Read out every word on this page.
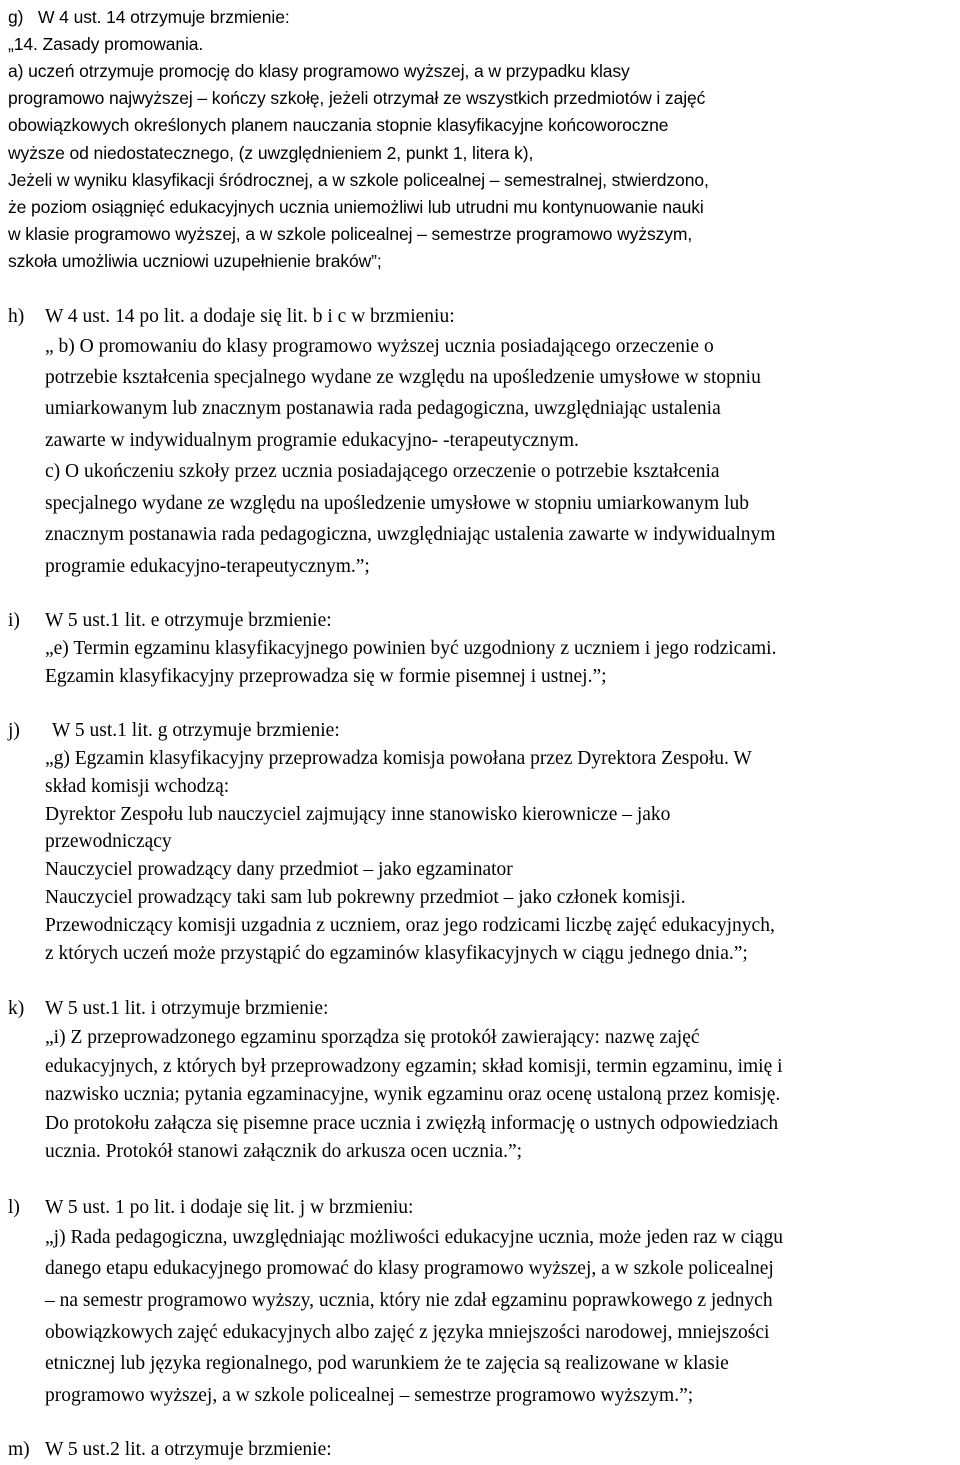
g) W 4 ust. 14 otrzymuje brzmienie:
„14. Zasady promowania.
a) uczeń otrzymuje promocję do klasy programowo wyższej, a w przypadku klasy
programowo najwyższej – kończy szkołę, jeżeli otrzymał ze wszystkich przedmiotów i zajęć
obowiązkowych określonych planem nauczania stopnie klasyfikacyjne końcoworoczne
wyższe od niedostatecznego, (z uwzględnieniem 2, punkt 1, litera k),
Jeżeli w wyniku klasyfikacji śródrocznej, a w szkole policealnej – semestralnej, stwierdzono,
że poziom osiągnięć edukacyjnych ucznia uniemożliwi lub utrudni mu kontynuowanie nauki
w klasie programowo wyższej, a w szkole policealnej – semestrze programowo wyższym,
szkoła umożliwia uczniowi uzupełnienie braków”;
h) W 4 ust. 14 po lit. a dodaje się lit. b i c w brzmieniu:
„ b) O promowaniu do klasy programowo wyższej ucznia posiadającego orzeczenie o
potrzebie kształcenia specjalnego wydane ze względu na upośledzenie umysłowe w stopniu
umiarkowanym lub znacznym postanawia rada pedagogiczna, uwzględniając ustalenia
zawarte w indywidualnym programie edukacyjno- -terapeutycznym.
c) O ukończeniu szkoły przez ucznia posiadającego orzeczenie o potrzebie kształcenia
specjalnego wydane ze względu na upośledzenie umysłowe w stopniu umiarkowanym lub
znacznym postanawia rada pedagogiczna, uwzględniając ustalenia zawarte w indywidualnym
programie edukacyjno-terapeutycznym.”;
i) W 5 ust.1 lit. e otrzymuje brzmienie:
„e) Termin egzaminu klasyfikacyjnego powinien być uzgodniony z uczniem i jego rodzicami.
Egzamin klasyfikacyjny przeprowadza się w formie pisemnej i ustnej.”;
j) W 5 ust.1 lit. g otrzymuje brzmienie:
„g) Egzamin klasyfikacyjny przeprowadza komisja powołana przez Dyrektora Zespołu. W
skład komisji wchodzą:
Dyrektor Zespołu lub nauczyciel zajmujący inne stanowisko kierownicze – jako
przewodniczący
Nauczyciel prowadzący dany przedmiot – jako egzaminator
Nauczyciel prowadzący taki sam lub pokrewny przedmiot – jako członek komisji.
Przewodniczący komisji uzgadnia z uczniem, oraz jego rodzicami liczbę zajęć edukacyjnych,
z których uczeń może przystąpić do egzaminów klasyfikacyjnych w ciągu jednego dnia.”;
k) W 5 ust.1 lit. i otrzymuje brzmienie:
„i) Z przeprowadzonego egzaminu sporządza się protokół zawierający: nazwę zajęć
edukacyjnych, z których był przeprowadzony egzamin; skład komisji, termin egzaminu, imię i
nazwisko ucznia; pytania egzaminacyjne, wynik egzaminu oraz ocenę ustaloną przez komisję.
Do protokołu załącza się pisemne prace ucznia i zwięzłą informację o ustnych odpowiedziach
ucznia. Protokół stanowi załącznik do arkusza ocen ucznia.”;
l) W 5 ust. 1 po lit. i dodaje się lit. j w brzmieniu:
„j) Rada pedagogiczna, uwzględniając możliwości edukacyjne ucznia, może jeden raz w ciągu
danego etapu edukacyjnego promować do klasy programowo wyższej, a w szkole policealnej
– na semestr programowo wyższy, ucznia, który nie zdał egzaminu poprawkowego z jednych
obowiązkowych zajęć edukacyjnych albo zajęć z języka mniejszości narodowej, mniejszości
etnicznej lub języka regionalnego, pod warunkiem że te zajęcia są realizowane w klasie
programowo wyższej, a w szkole policealnej – semestrze programowo wyższym.”;
m) W 5 ust.2 lit. a otrzymuje brzmienie:
